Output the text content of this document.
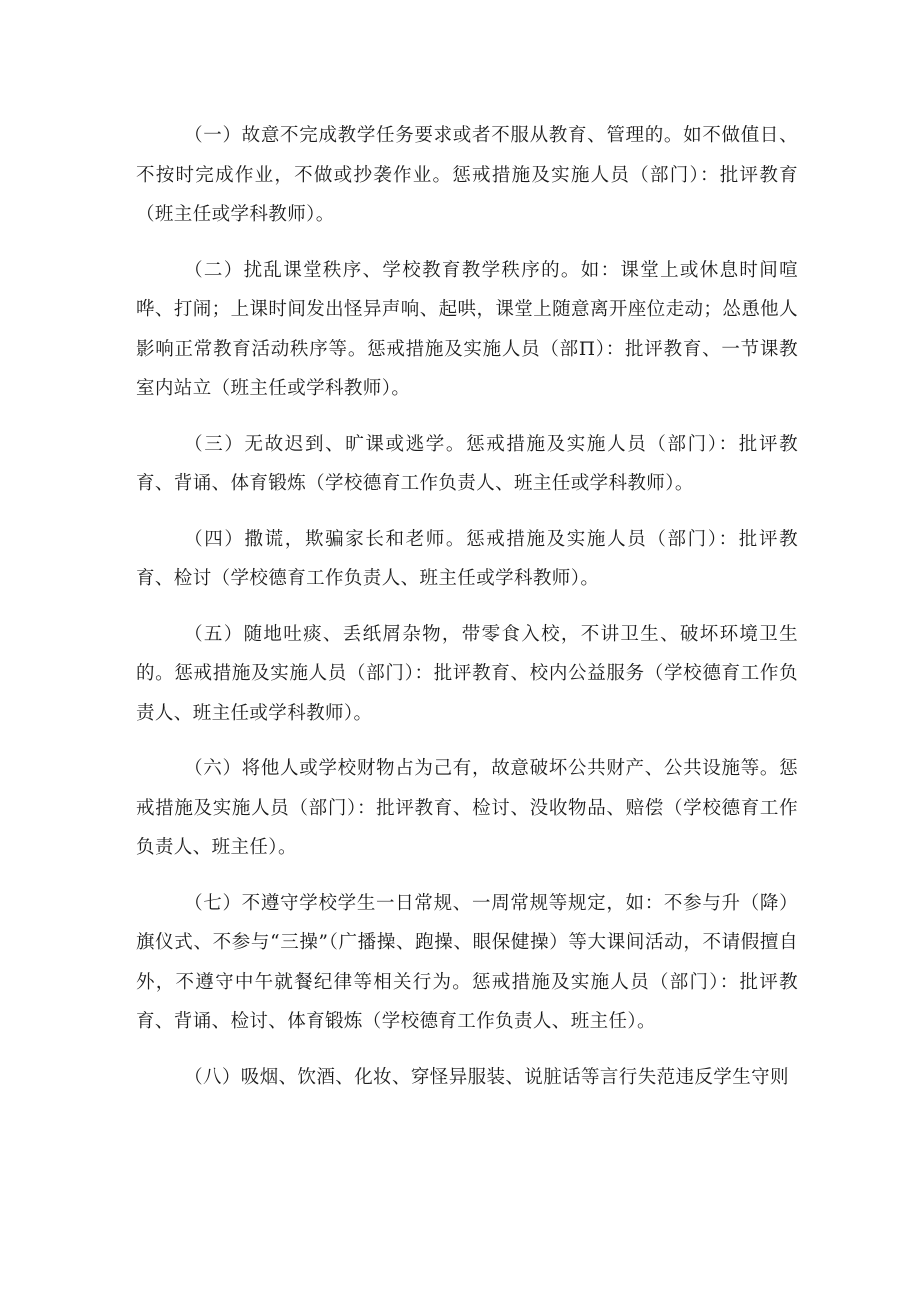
（一）故意不完成教学任务要求或者不服从教育、管理的。如不做值日、不按时完成作业，不做或抄袭作业。惩戒措施及实施人员（部门）：批评教育（班主任或学科教师）。

（二）扰乱课堂秩序、学校教育教学秩序的。如：课堂上或休息时间喧哗、打闹；上课时间发出怪异声响、起哄，课堂上随意离开座位走动；怂恿他人影响正常教育活动秩序等。惩戒措施及实施人员（部Π）：批评教育、一节课教室内站立（班主任或学科教师）。

（三）无故迟到、旷课或逃学。惩戒措施及实施人员（部门）：批评教育、背诵、体育锻炼（学校德育工作负责人、班主任或学科教师）。

（四）撒谎，欺骗家长和老师。惩戒措施及实施人员（部门）：批评教育、检讨（学校德育工作负责人、班主任或学科教师）。

（五）随地吐痰、丢纸屑杂物，带零食入校，不讲卫生、破坏环境卫生的。惩戒措施及实施人员（部门）：批评教育、校内公益服务（学校德育工作负责人、班主任或学科教师）。

（六）将他人或学校财物占为己有，故意破坏公共财产、公共设施等。惩戒措施及实施人员（部门）：批评教育、检讨、没收物品、赔偿（学校德育工作负责人、班主任）。

（七）不遵守学校学生一日常规、一周常规等规定，如：不参与升（降）旗仪式、不参与“三操”（广播操、跑操、眼保健操）等大课间活动，不请假擅自外，不遵守中午就餐纪律等相关行为。惩戒措施及实施人员（部门）：批评教育、背诵、检讨、体育锻炼（学校德育工作负责人、班主任）。

（八）吸烟、饮酒、化妆、穿怪异服装、说脏话等言行失范违反学生守则
